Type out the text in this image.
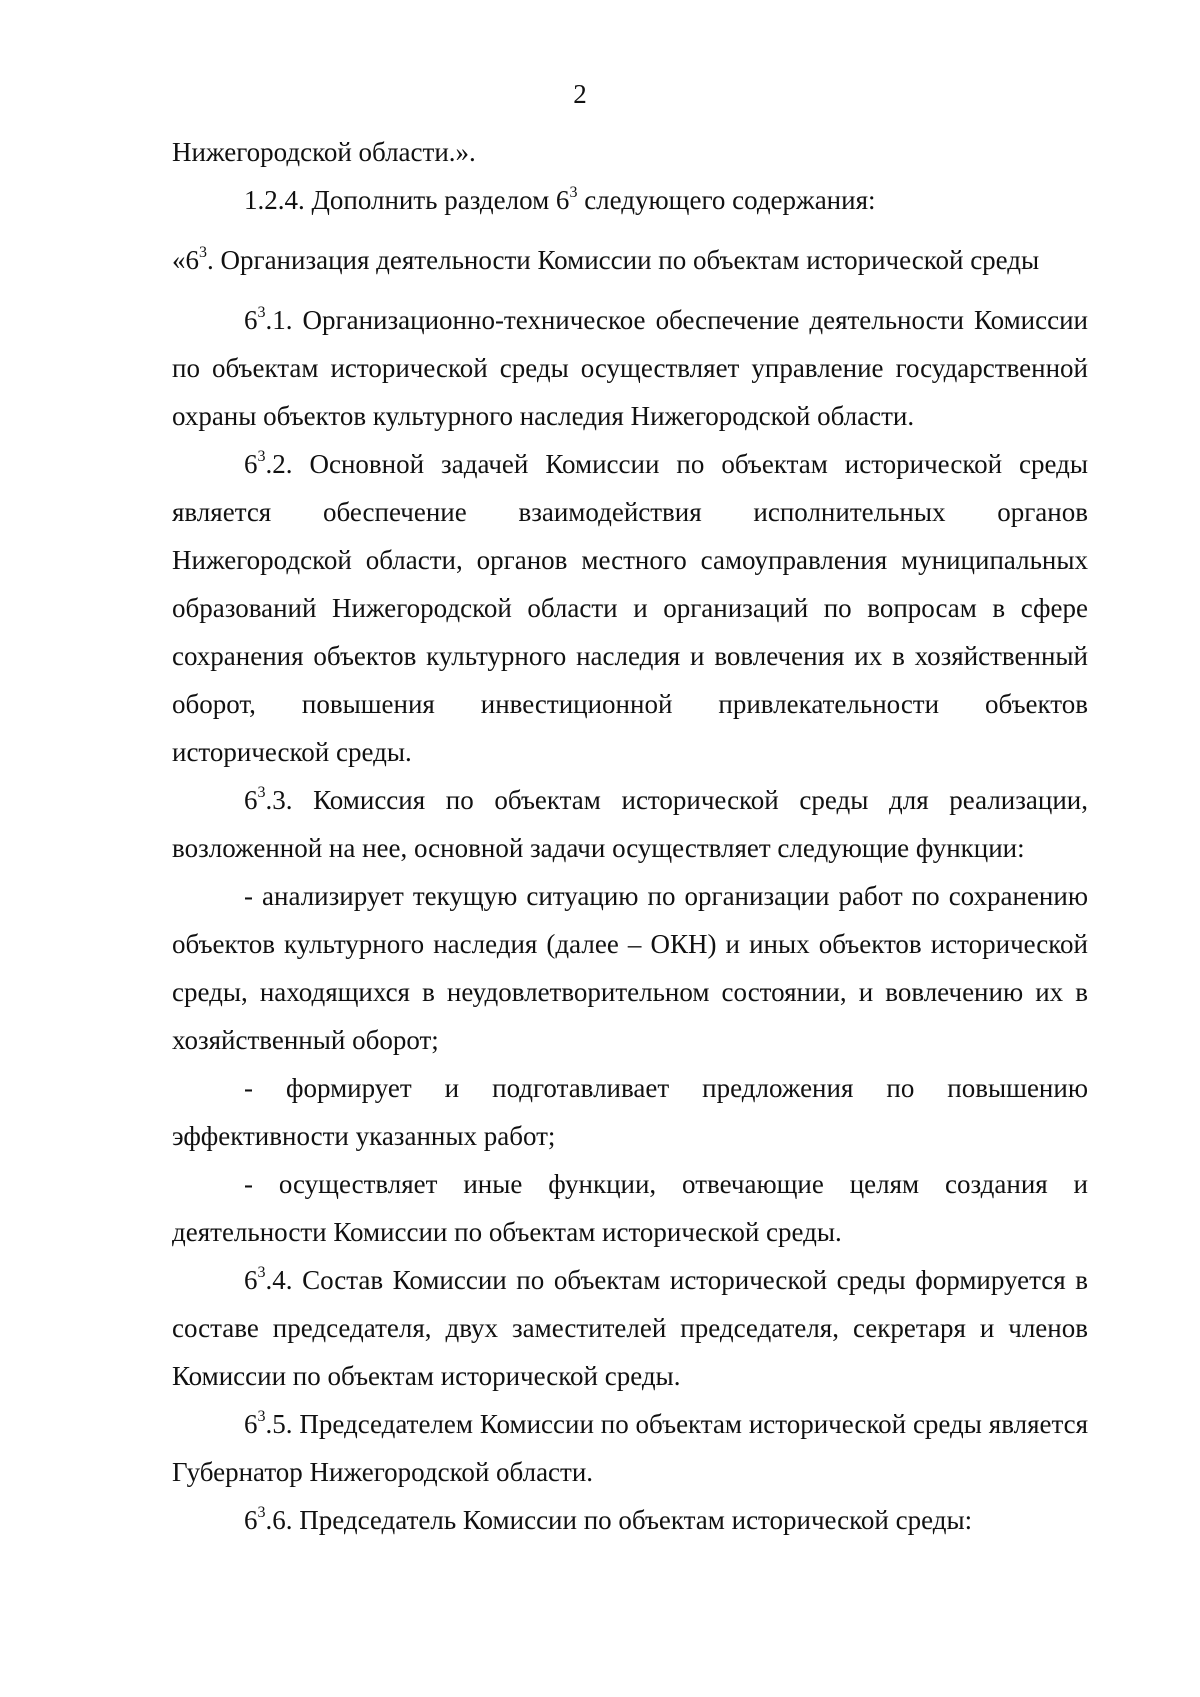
2

Нижегородской области.».

1.2.4. Дополнить разделом $6^3$ следующего содержания:

«$6^3$. Организация деятельности Комиссии по объектам исторической среды

$6^3.1$. Организационно-техническое обеспечение деятельности Комиссии по объектам исторической среды осуществляет управление государственной охраны объектов культурного наследия Нижегородской области.

$6^3.2$. Основной задачей Комиссии по объектам исторической среды является обеспечение взаимодействия исполнительных органов Нижегородской области, органов местного самоуправления муниципальных образований Нижегородской области и организаций по вопросам в сфере сохранения объектов культурного наследия и вовлечения их в хозяйственный оборот, повышения инвестиционной привлекательности объектов исторической среды.

$6^3.3$. Комиссия по объектам исторической среды для реализации, возложенной на нее, основной задачи осуществляет следующие функции:

- анализирует текущую ситуацию по организации работ по сохранению объектов культурного наследия (далее – ОКН) и иных объектов исторической среды, находящихся в неудовлетворительном состоянии, и вовлечению их в хозяйственный оборот;

- формирует и подготавливает предложения по повышению эффективности указанных работ;

- осуществляет иные функции, отвечающие целям создания и деятельности Комиссии по объектам исторической среды.

$6^3.4$. Состав Комиссии по объектам исторической среды формируется в составе председателя, двух заместителей председателя, секретаря и членов Комиссии по объектам исторической среды.

$6^3.5$. Председателем Комиссии по объектам исторической среды является Губернатор Нижегородской области.

$6^3.6$. Председатель Комиссии по объектам исторической среды:
